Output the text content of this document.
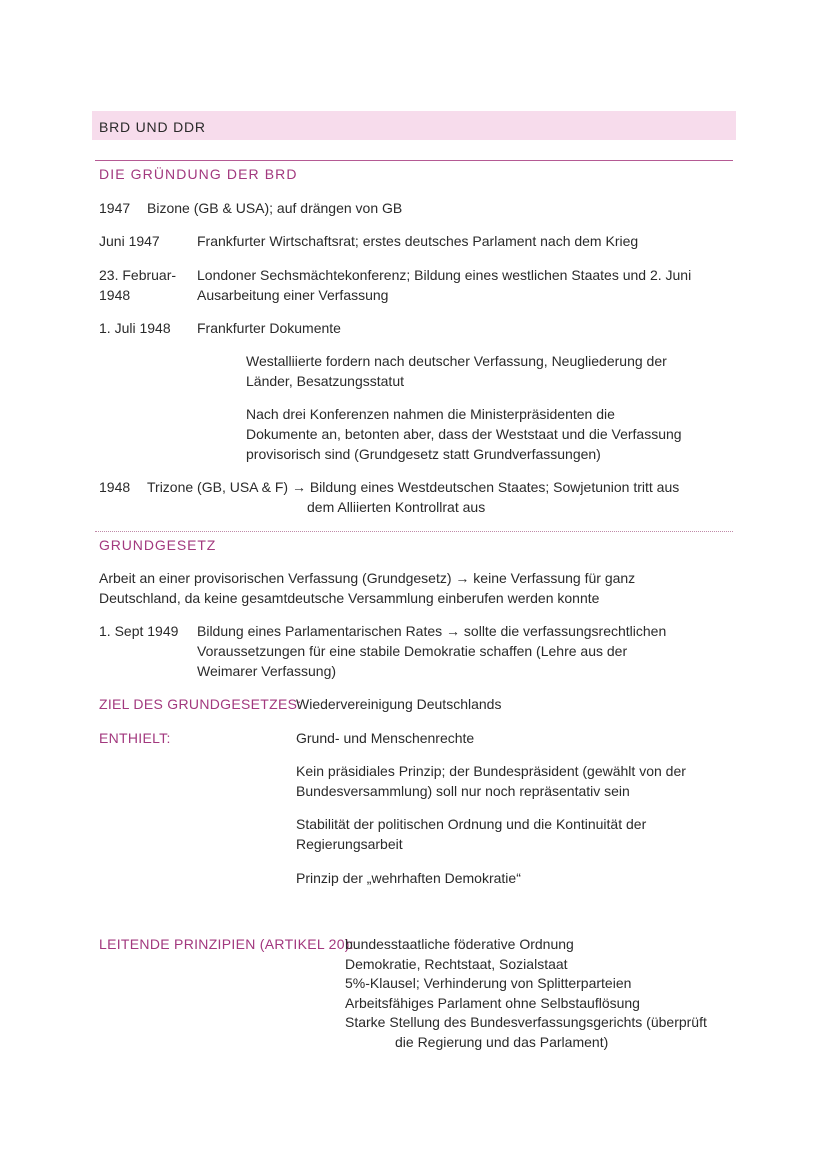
BRD UND DDR
DIE GRÜNDUNG DER BRD
1947 Bizone (GB & USA); auf drängen von GB
Juni 1947	Frankfurter Wirtschaftsrat; erstes deutsches Parlament nach dem Krieg
23. Februar-
1948
Londoner Sechsmächtekonferenz; Bildung eines westlichen Staates und 2. Juni
Ausarbeitung einer Verfassung
1. Juli 1948 Frankfurter Dokumente
Westalliierte fordern nach deutscher Verfassung, Neugliederung der
Länder, Besatzungsstatut
Nach drei Konferenzen nahmen die Ministerpräsidenten die
Dokumente an, betonten aber, dass der Weststaat und die Verfassung
provisorisch sind (Grundgesetz statt Grundverfassungen)
1948 Trizone (GB, USA & F) → Bildung eines Westdeutschen Staates; Sowjetunion tritt aus
dem Alliierten Kontrollrat aus
GRUNDGESETZ
Arbeit an einer provisorischen Verfassung (Grundgesetz) → keine Verfassung für ganz
Deutschland, da keine gesamtdeutsche Versammlung einberufen werden konnte
1. Sept 1949 Bildung eines Parlamentarischen Rates → sollte die verfassungsrechtlichen
Voraussetzungen für eine stabile Demokratie schaffen (Lehre aus der
Weimarer Verfassung)
ZIEL DES GRUNDGESETZES:
Wiedervereinigung Deutschlands
ENTHIELT:	Grund- und Menschenrechte
Kein präsidiales Prinzip; der Bundespräsident (gewählt von der
Bundesversammlung) soll nur noch repräsentativ sein
Stabilität der politischen Ordnung und die Kontinuität der
Regierungsarbeit
Prinzip der „wehrhaften Demokratie“
LEITENDE PRINZIPIEN (ARTIKEL 20):
bundesstaatliche föderative Ordnung
Demokratie, Rechtstaat, Sozialstaat
5%-Klausel; Verhinderung von Splitterparteien
Arbeitsfähiges Parlament ohne Selbstauflösung
Starke Stellung des Bundesverfassungsgerichts (überprüft
die Regierung und das Parlament)
